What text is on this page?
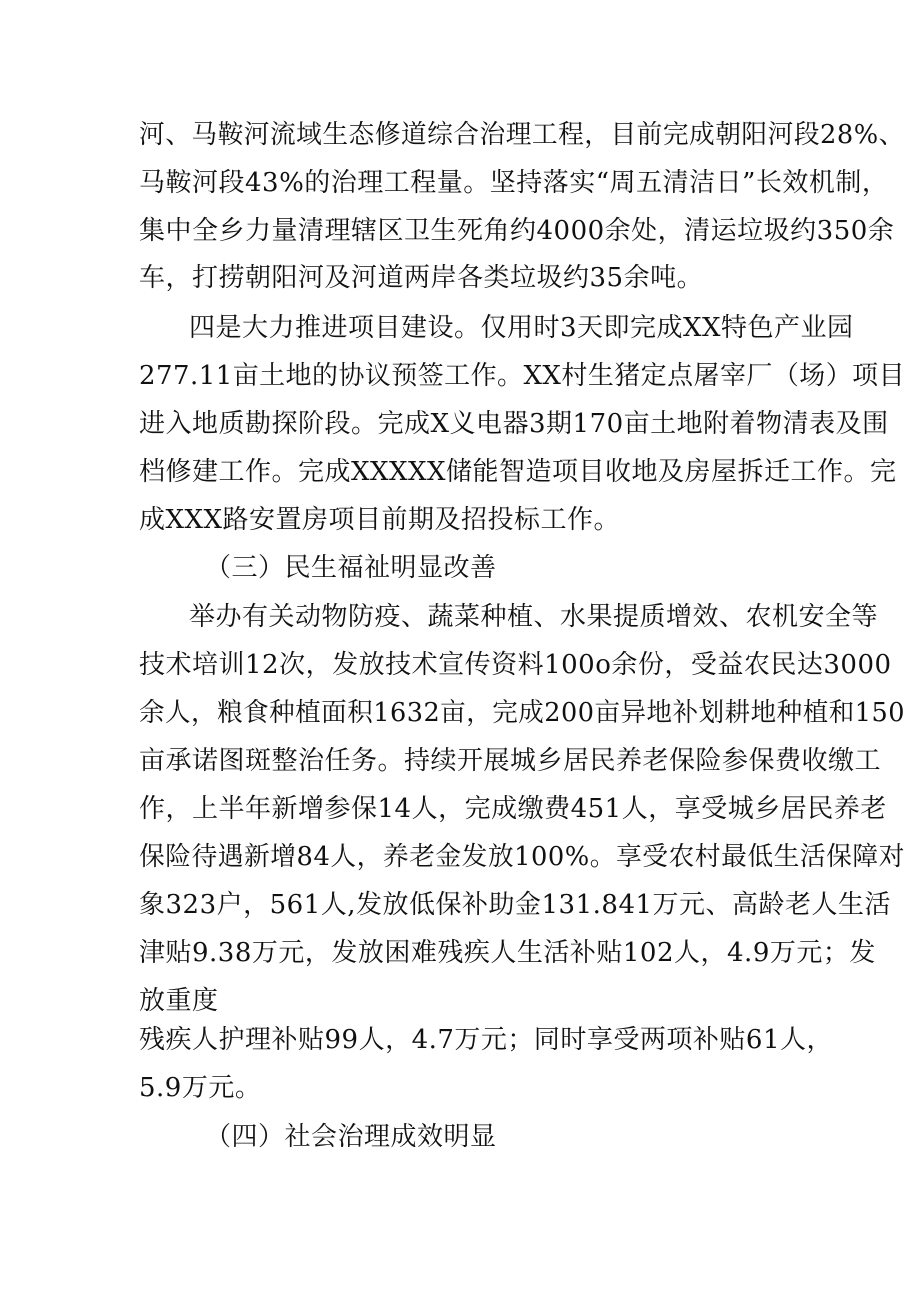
河、马鞍河流域生态修道综合治理工程，目前完成朝阳河段28%、
马鞍河段43%的治理工程量。坚持落实“周五清洁日”长效机制，
集中全乡力量清理辖区卫生死角约4000余处，清运垃圾约350余
车，打捞朝阳河及河道两岸各类垃圾约35余吨。
四是大力推进项目建设。仅用时3天即完成XX特色产业园
277.11亩土地的协议预签工作。XX村生猪定点屠宰厂（场）项目
进入地质勘探阶段。完成X义电器3期170亩土地附着物清表及围
档修建工作。完成XXXXX储能智造项目收地及房屋拆迁工作。完
成XXX路安置房项目前期及招投标工作。
（三）民生福祉明显改善
举办有关动物防疫、蔬菜种植、水果提质增效、农机安全等
技术培训12次，发放技术宣传资料100o余份，受益农民达3000
余人，粮食种植面积1632亩，完成200亩异地补划耕地种植和150
亩承诺图斑整治任务。持续开展城乡居民养老保险参保费收缴工
作，上半年新增参保14人，完成缴费451人，享受城乡居民养老
保险待遇新增84人，养老金发放100%。享受农村最低生活保障对
象323户，561人,发放低保补助金131.841万元、高龄老人生活
津贴9.38万元，发放困难残疾人生活补贴102人，4.9万元；发
放重度
残疾人护理补贴99人，4.7万元；同时享受两项补贴61人，
5.9万元。
（四）社会治理成效明显
